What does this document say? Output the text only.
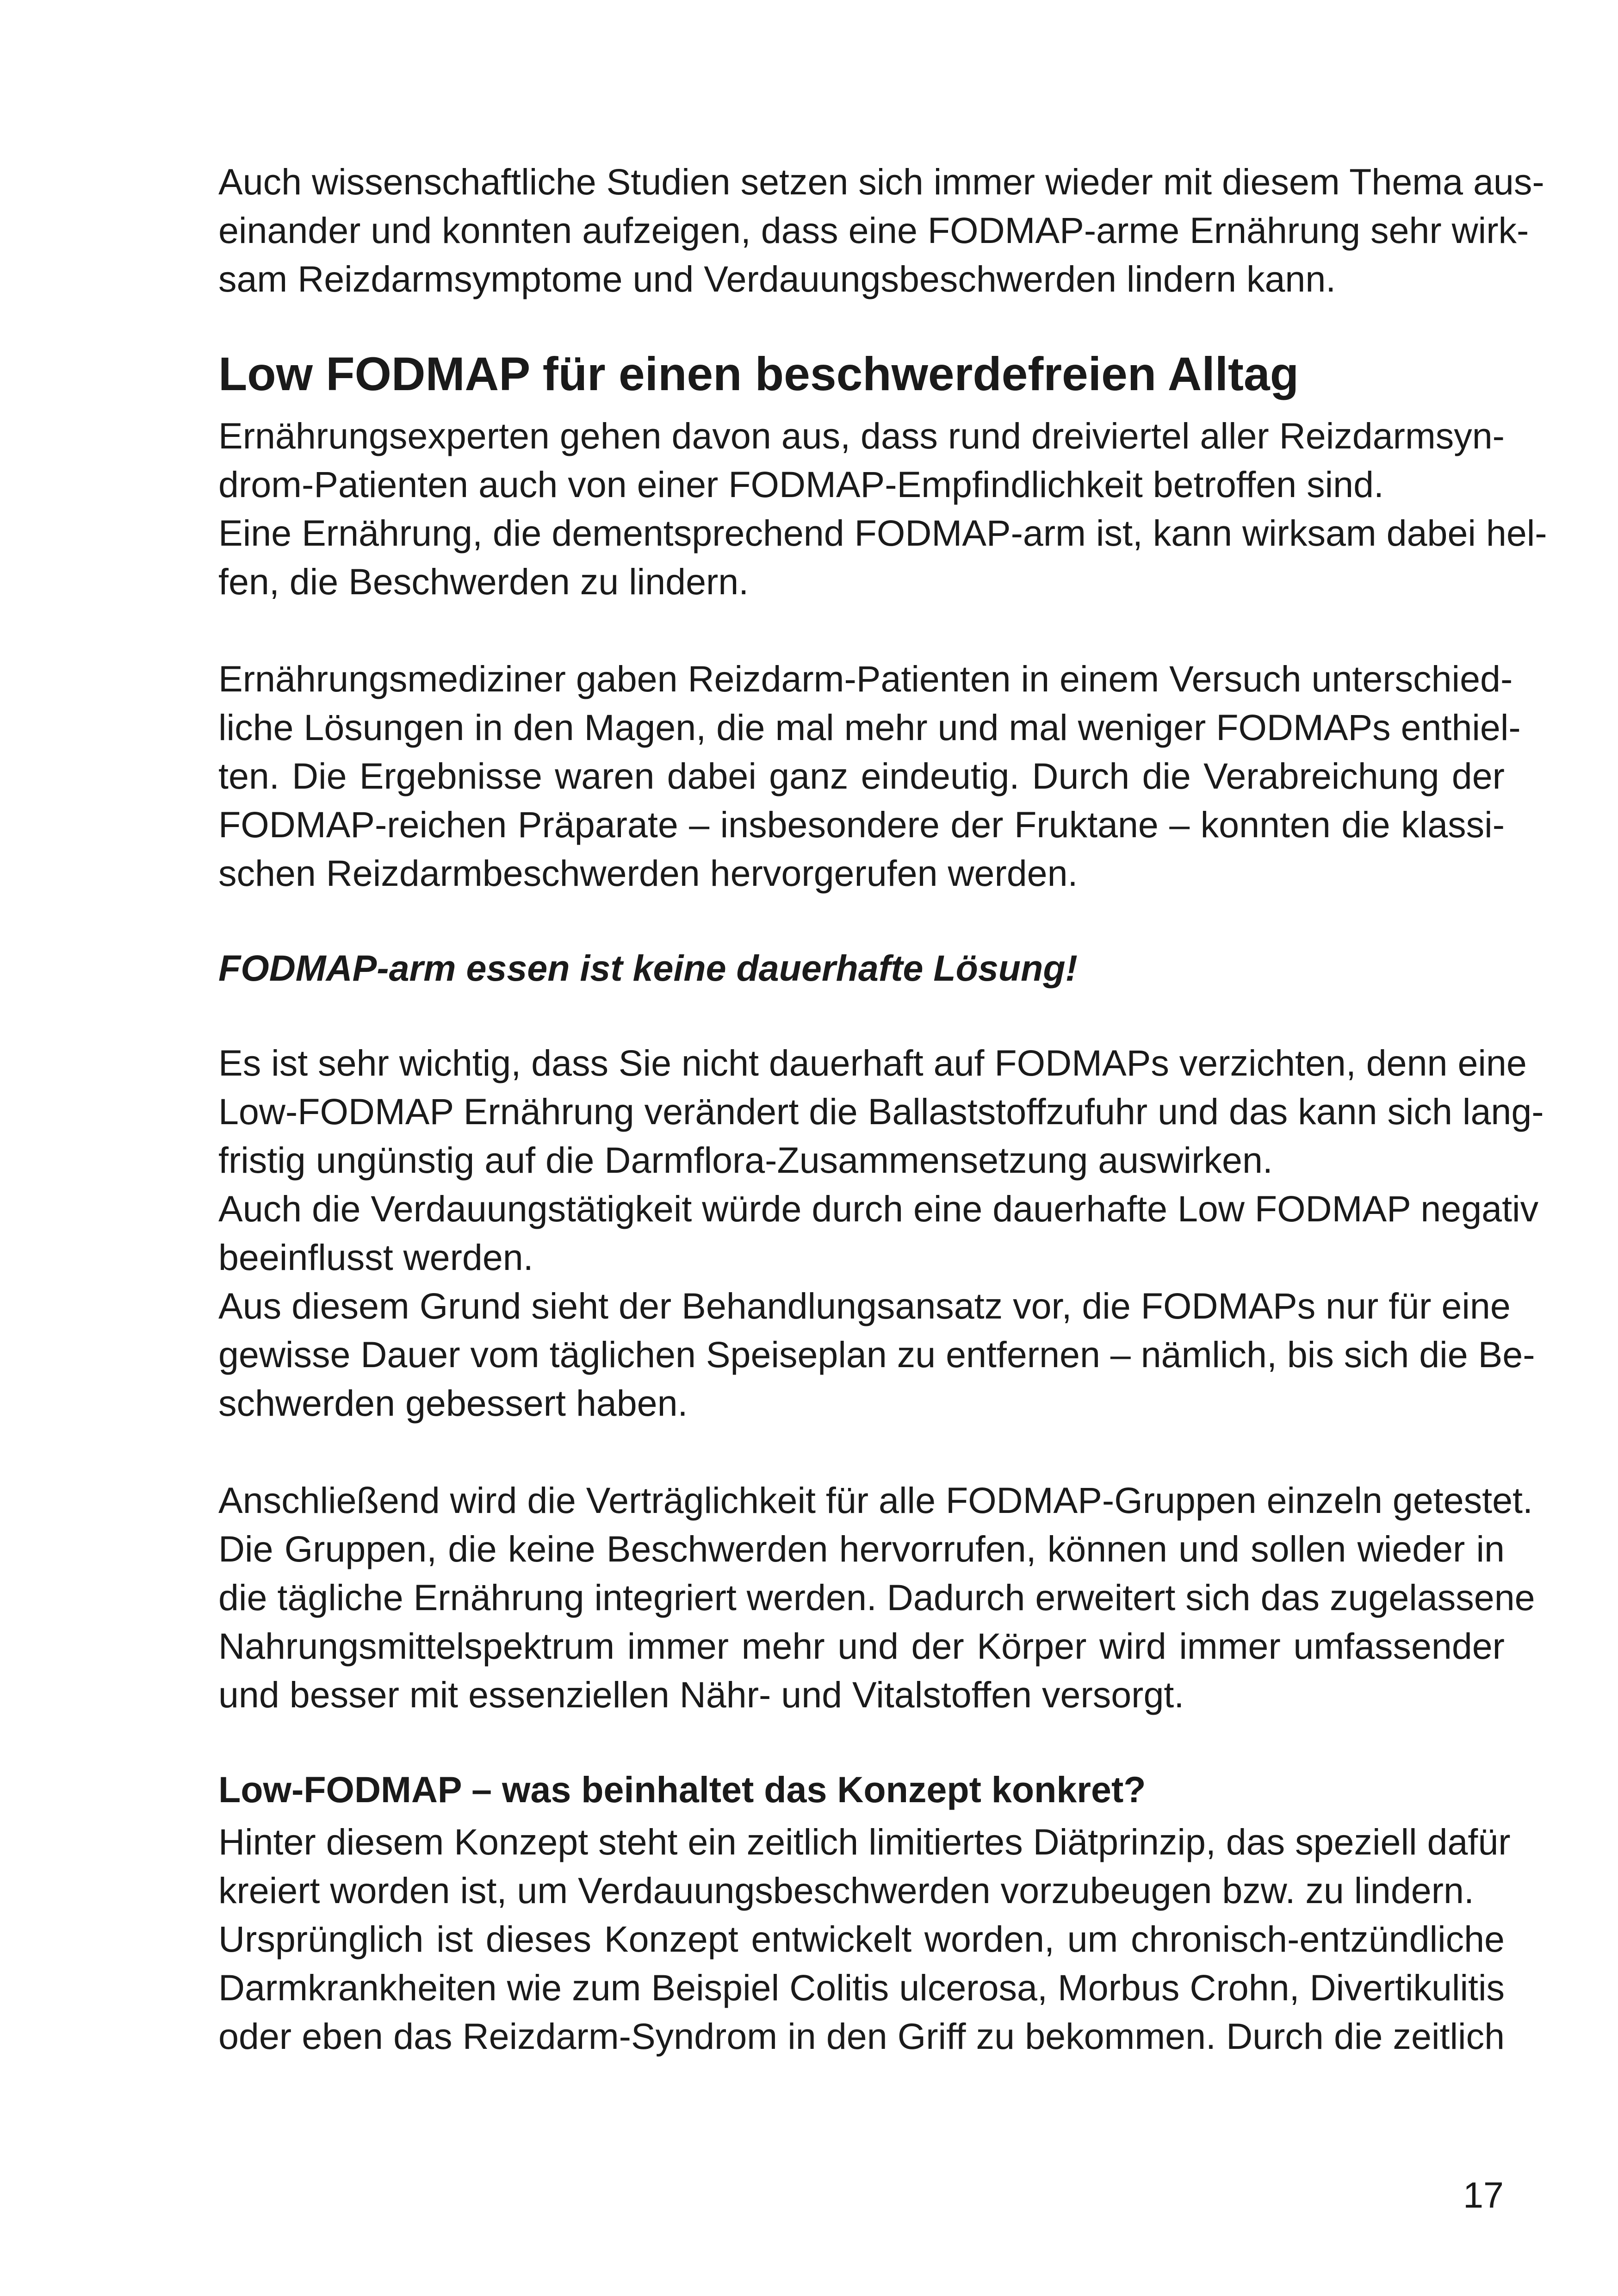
Auch wissenschaftliche Studien setzen sich immer wieder mit diesem Thema aus-
einander und konnten aufzeigen, dass eine FODMAP-arme Ernährung sehr wirk-
sam Reizdarmsymptome und Verdauungsbeschwerden lindern kann.
Low FODMAP für einen beschwerdefreien Alltag
Ernährungsexperten gehen davon aus, dass rund dreiviertel aller Reizdarmsyn-
drom-Patienten auch von einer FODMAP-Empfindlichkeit betroffen sind.
Eine Ernährung, die dementsprechend FODMAP-arm ist, kann wirksam dabei hel-
fen, die Beschwerden zu lindern.
Ernährungsmediziner gaben Reizdarm-Patienten in einem Versuch unterschied-
liche Lösungen in den Magen, die mal mehr und mal weniger FODMAPs enthiel-
ten. Die Ergebnisse waren dabei ganz eindeutig. Durch die Verabreichung der
FODMAP-reichen Präparate – insbesondere der Fruktane – konnten die klassi-
schen Reizdarmbeschwerden hervorgerufen werden.
FODMAP-arm essen ist keine dauerhafte Lösung!
Es ist sehr wichtig, dass Sie nicht dauerhaft auf FODMAPs verzichten, denn eine
Low-FODMAP Ernährung verändert die Ballaststoffzufuhr und das kann sich lang-
fristig ungünstig auf die Darmflora-Zusammensetzung auswirken.
Auch die Verdauungstätigkeit würde durch eine dauerhafte Low FODMAP negativ
beeinflusst werden.
Aus diesem Grund sieht der Behandlungsansatz vor, die FODMAPs nur für eine
gewisse Dauer vom täglichen Speiseplan zu entfernen – nämlich, bis sich die Be-
schwerden gebessert haben.
Anschließend wird die Verträglichkeit für alle FODMAP-Gruppen einzeln getestet.
Die Gruppen, die keine Beschwerden hervorrufen, können und sollen wieder in
die tägliche Ernährung integriert werden. Dadurch erweitert sich das zugelassene
Nahrungsmittelspektrum immer mehr und der Körper wird immer umfassender
und besser mit essenziellen Nähr- und Vitalstoffen versorgt.
Low-FODMAP – was beinhaltet das Konzept konkret?
Hinter diesem Konzept steht ein zeitlich limitiertes Diätprinzip, das speziell dafür
kreiert worden ist, um Verdauungsbeschwerden vorzubeugen bzw. zu lindern.
Ursprünglich ist dieses Konzept entwickelt worden, um chronisch-entzündliche
Darmkrankheiten wie zum Beispiel Colitis ulcerosa, Morbus Crohn, Divertikulitis
oder eben das Reizdarm-Syndrom in den Griff zu bekommen. Durch die zeitlich
17
